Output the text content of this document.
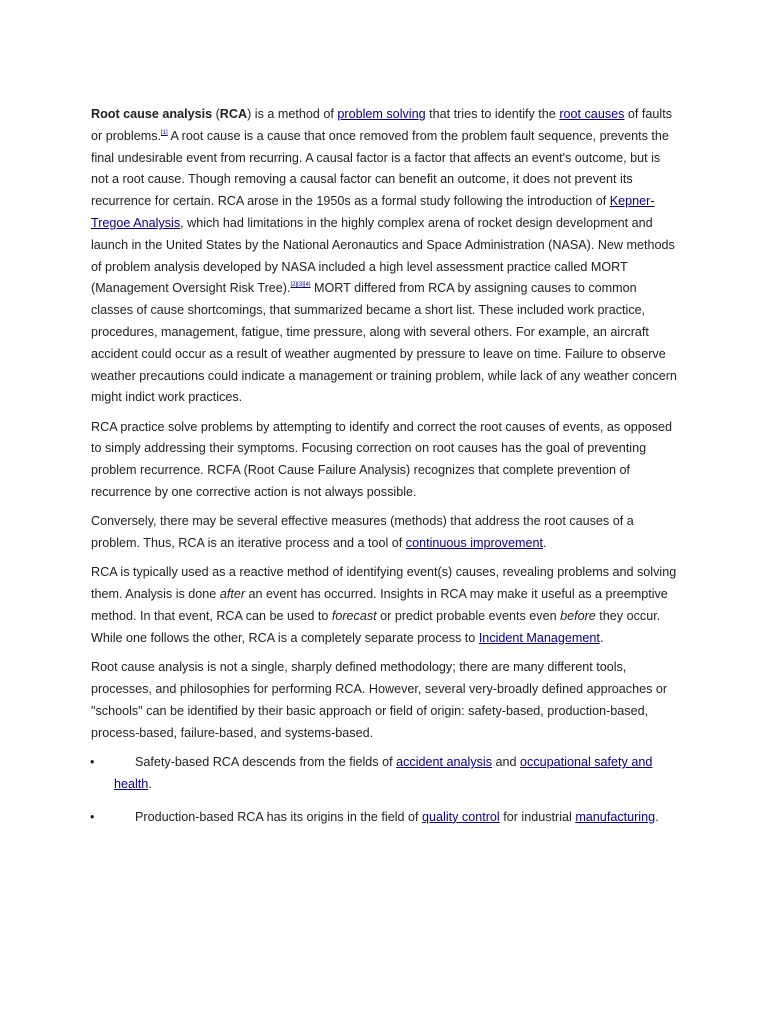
Root cause analysis (RCA) is a method of problem solving that tries to identify the root causes of faults or problems.[1] A root cause is a cause that once removed from the problem fault sequence, prevents the final undesirable event from recurring. A causal factor is a factor that affects an event's outcome, but is not a root cause. Though removing a causal factor can benefit an outcome, it does not prevent its recurrence for certain. RCA arose in the 1950s as a formal study following the introduction of Kepner-Tregoe Analysis, which had limitations in the highly complex arena of rocket design development and launch in the United States by the National Aeronautics and Space Administration (NASA). New methods of problem analysis developed by NASA included a high level assessment practice called MORT (Management Oversight Risk Tree).[2][3][4] MORT differed from RCA by assigning causes to common classes of cause shortcomings, that summarized became a short list. These included work practice, procedures, management, fatigue, time pressure, along with several others. For example, an aircraft accident could occur as a result of weather augmented by pressure to leave on time. Failure to observe weather precautions could indicate a management or training problem, while lack of any weather concern might indict work practices.

RCA practice solve problems by attempting to identify and correct the root causes of events, as opposed to simply addressing their symptoms. Focusing correction on root causes has the goal of preventing problem recurrence. RCFA (Root Cause Failure Analysis) recognizes that complete prevention of recurrence by one corrective action is not always possible.

Conversely, there may be several effective measures (methods) that address the root causes of a problem. Thus, RCA is an iterative process and a tool of continuous improvement.

RCA is typically used as a reactive method of identifying event(s) causes, revealing problems and solving them. Analysis is done after an event has occurred. Insights in RCA may make it useful as a preemptive method. In that event, RCA can be used to forecast or predict probable events even before they occur. While one follows the other, RCA is a completely separate process to Incident Management.

Root cause analysis is not a single, sharply defined methodology; there are many different tools, processes, and philosophies for performing RCA. However, several very-broadly defined approaches or "schools" can be identified by their basic approach or field of origin: safety-based, production-based, process-based, failure-based, and systems-based.

•	Safety-based RCA descends from the fields of accident analysis and occupational safety and health.
•	Production-based RCA has its origins in the field of quality control for industrial manufacturing.
